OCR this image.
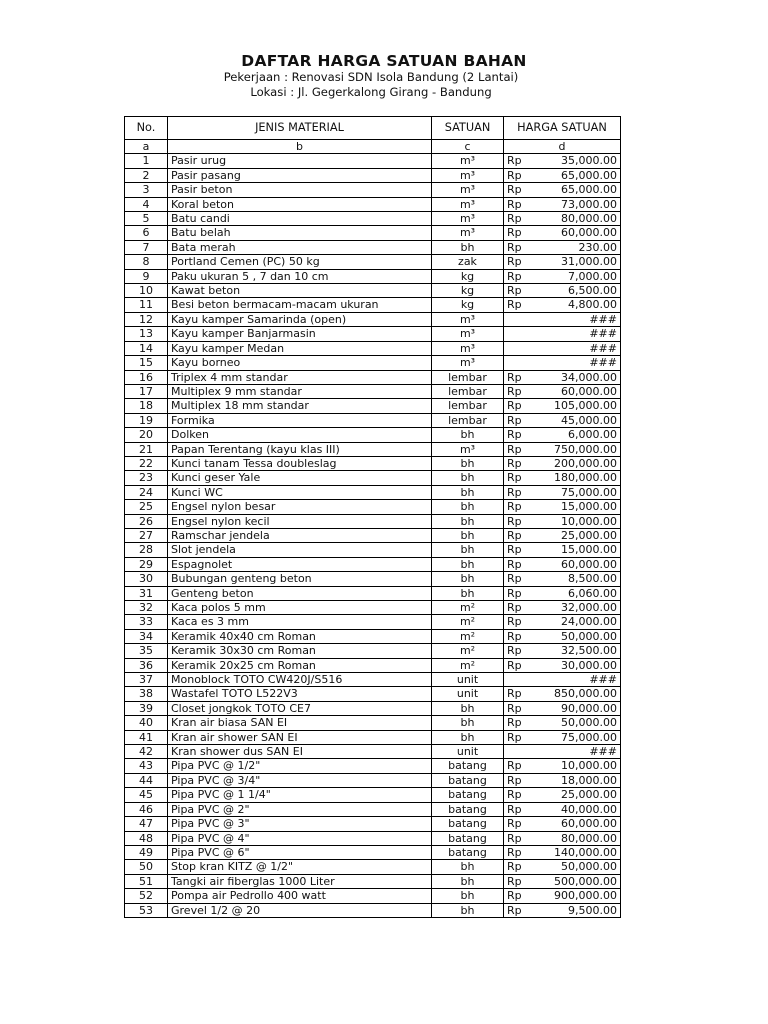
DAFTAR HARGA SATUAN BAHAN
Pekerjaan : Renovasi SDN Isola Bandung (2 Lantai)
Lokasi : Jl. Gegerkalong Girang - Bandung
No.	JENIS MATERIAL	SATUAN	HARGA SATUAN
a	b	c	d
1	Pasir urug	m³	Rp 35,000.00

2	Pasir pasang	m³	Rp 65,000.00

3	Pasir beton	m³	Rp 65,000.00

4	Koral beton	m³	Rp 73,000.00

5	Batu candi	m³	Rp 80,000.00

6	Batu belah	m³	Rp 60,000.00

7	Bata merah	bh	Rp 230.00

8	Portland Cemen (PC) 50 kg	zak	Rp 31,000.00

9	Paku ukuran 5 , 7 dan 10 cm	kg	Rp 7,000.00

10	Kawat beton	kg	Rp 6,500.00

11	Besi beton bermacam-macam ukuran	kg	Rp 4,800.00

12	Kayu kamper Samarinda (open)	m³	###

13	Kayu kamper Banjarmasin	m³	###

14	Kayu kamper Medan	m³	###

15	Kayu borneo	m³	###

16	Triplex 4 mm standar	lembar	Rp 34,000.00

17	Multiplex 9 mm standar	lembar	Rp 60,000.00

18	Multiplex 18 mm standar	lembar	Rp 105,000.00

19	Formika	lembar	Rp 45,000.00

20	Dolken	bh	Rp 6,000.00

21	Papan Terentang (kayu klas III)	m³	Rp 750,000.00

22	Kunci tanam Tessa doubleslag	bh	Rp 200,000.00

23	Kunci geser Yale	bh	Rp 180,000.00

24	Kunci WC	bh	Rp 75,000.00

25	Engsel nylon besar	bh	Rp 15,000.00

26	Engsel nylon kecil	bh	Rp 10,000.00

27	Ramschar jendela	bh	Rp 25,000.00

28	Slot jendela	bh	Rp 15,000.00

29	Espagnolet	bh	Rp 60,000.00

30	Bubungan genteng beton	bh	Rp 8,500.00

31	Genteng beton	bh	Rp 6,060.00

32	Kaca polos 5 mm	m²	Rp 32,000.00

33	Kaca es 3 mm	m²	Rp 24,000.00

34	Keramik 40x40 cm Roman	m²	Rp 50,000.00

35	Keramik 30x30 cm Roman	m²	Rp 32,500.00

36	Keramik 20x25 cm Roman	m²	Rp 30,000.00

37	Monoblock TOTO CW420J/S516	unit	###

38	Wastafel TOTO L522V3	unit	Rp 850,000.00

39	Closet jongkok TOTO CE7	bh	Rp 90,000.00

40	Kran air biasa SAN EI	bh	Rp 50,000.00

41	Kran air shower SAN EI	bh	Rp 75,000.00

42	Kran shower dus SAN EI	unit	###

43	Pipa PVC @ 1/2"	batang	Rp 10,000.00

44	Pipa PVC @ 3/4"	batang	Rp 18,000.00

45	Pipa PVC @ 1 1/4"	batang	Rp 25,000.00

46	Pipa PVC @ 2"	batang	Rp 40,000.00

47	Pipa PVC @ 3"	batang	Rp 60,000.00

48	Pipa PVC @ 4"	batang	Rp 80,000.00

49	Pipa PVC @ 6"	batang	Rp 140,000.00

50	Stop kran KITZ @ 1/2"	bh	Rp 50,000.00

51	Tangki air fiberglas 1000 Liter	bh	Rp 500,000.00

52	Pompa air Pedrollo 400 watt	bh	Rp 900,000.00

53	Grevel 1/2 @ 20	bh	Rp 9,500.00
